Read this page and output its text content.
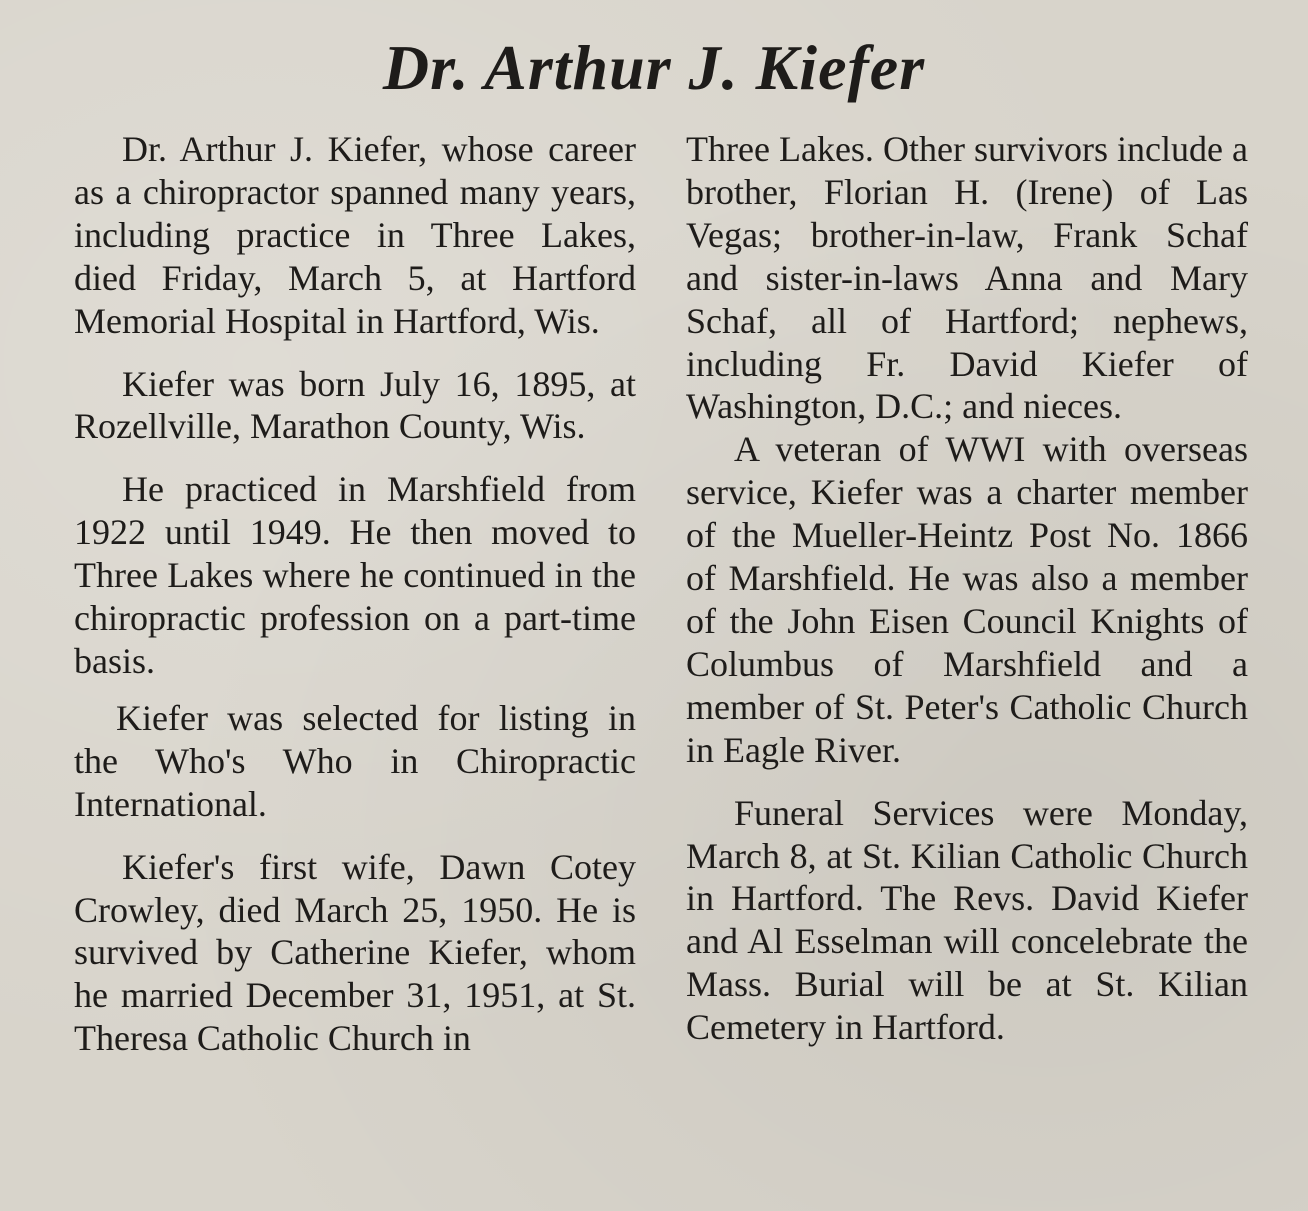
Dr. Arthur J. Kiefer

Dr. Arthur J. Kiefer, whose career as a chiropractor spanned many years, including practice in Three Lakes, died Friday, March 5, at Hartford Memorial Hospital in Hartford, Wis.

Kiefer was born July 16, 1895, at Rozellville, Marathon County, Wis.

He practiced in Marshfield from 1922 until 1949. He then moved to Three Lakes where he continued in the chiropractic profession on a part-time basis.

Kiefer was selected for listing in the Who's Who in Chiropractic International.

Kiefer's first wife, Dawn Cotey Crowley, died March 25, 1950. He is survived by Catherine Kiefer, whom he married December 31, 1951, at St. Theresa Catholic Church in

Three Lakes. Other survivors include a brother, Florian H. (Irene) of Las Vegas; brother-in-law, Frank Schaf and sister-in-laws Anna and Mary Schaf, all of Hartford; nephews, including Fr. David Kiefer of Washington, D.C.; and nieces.

A veteran of WWI with overseas service, Kiefer was a charter member of the Mueller-Heintz Post No. 1866 of Marshfield. He was also a member of the John Eisen Council Knights of Columbus of Marshfield and a member of St. Peter's Catholic Church in Eagle River.

Funeral Services were Monday, March 8, at St. Kilian Catholic Church in Hartford. The Revs. David Kiefer and Al Esselman will concelebrate the Mass. Burial will be at St. Kilian Cemetery in Hartford.
